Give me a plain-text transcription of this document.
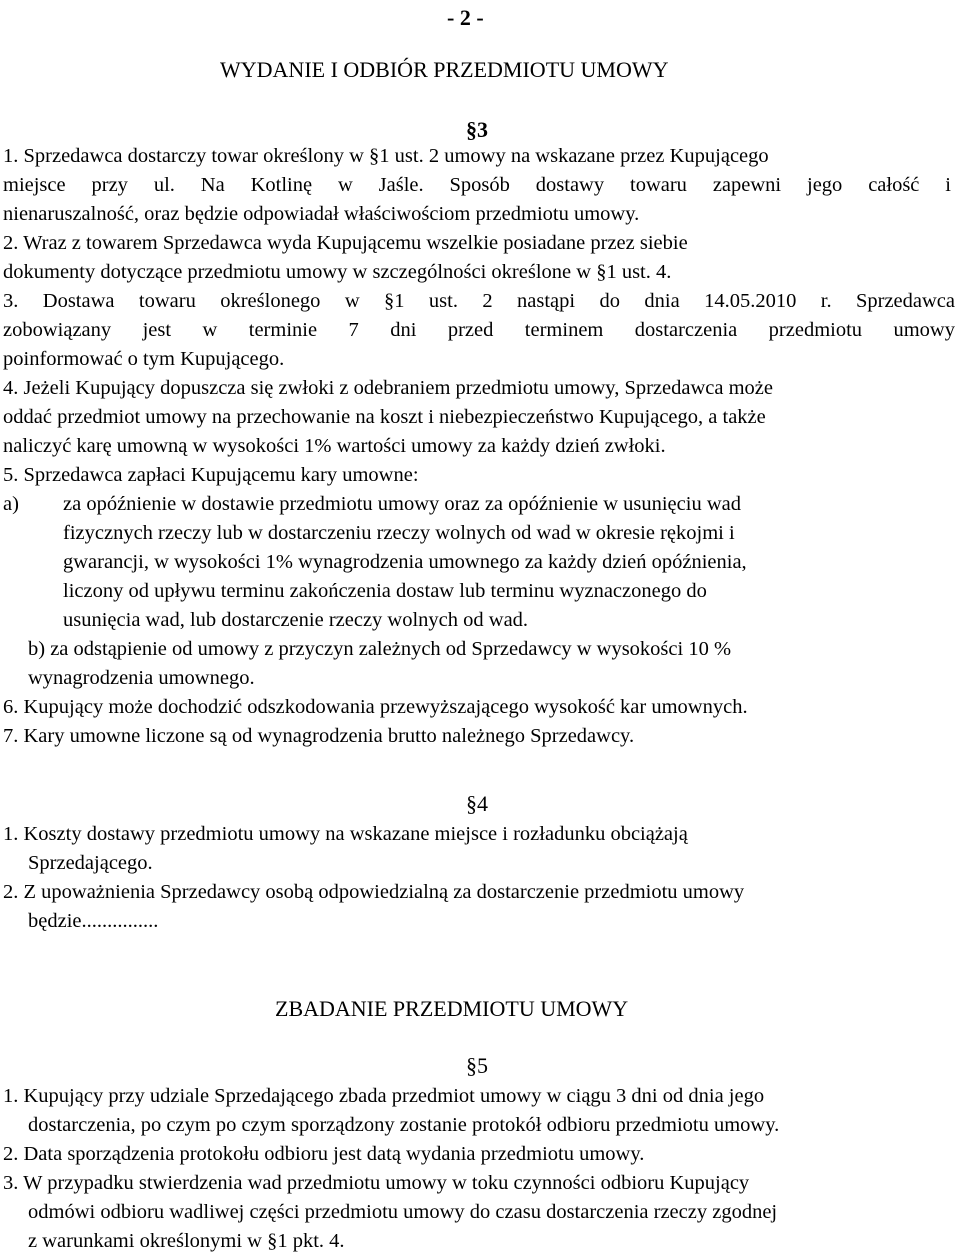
- 2 -
WYDANIE I ODBIÓR PRZEDMIOTU UMOWY
§3
1. Sprzedawca dostarczy towar określony w §1 ust. 2 umowy na wskazane przez Kupującego
miejsce przy ul. Na Kotlinę w Jaśle. Sposób dostawy towaru zapewni jego całość i
nienaruszalność, oraz będzie odpowiadał właściwościom przedmiotu umowy.
2. Wraz z towarem Sprzedawca wyda Kupującemu wszelkie posiadane przez siebie
dokumenty dotyczące przedmiotu umowy w szczególności określone w §1 ust. 4.
3. Dostawa towaru określonego w §1 ust. 2 nastąpi do dnia 14.05.2010 r. Sprzedawca
zobowiązany jest w terminie 7 dni przed terminem dostarczenia przedmiotu umowy
poinformować o tym Kupującego.
4. Jeżeli Kupujący dopuszcza się zwłoki z odebraniem przedmiotu umowy, Sprzedawca może
oddać przedmiot umowy na przechowanie na koszt i niebezpieczeństwo Kupującego, a także
naliczyć karę umowną w wysokości 1% wartości umowy za każdy dzień zwłoki.
5. Sprzedawca zapłaci Kupującemu kary umowne:
a) za opóźnienie w dostawie przedmiotu umowy oraz za opóźnienie w usunięciu wad
fizycznych rzeczy lub w dostarczeniu rzeczy wolnych od wad w okresie rękojmi i
gwarancji, w wysokości 1% wynagrodzenia umownego za każdy dzień opóźnienia,
liczony od upływu terminu zakończenia dostaw lub terminu wyznaczonego do
usunięcia wad, lub dostarczenie rzeczy wolnych od wad.
b) za odstąpienie od umowy z przyczyn zależnych od Sprzedawcy w wysokości 10 %
wynagrodzenia umownego.
6. Kupujący może dochodzić odszkodowania przewyższającego wysokość kar umownych.
7. Kary umowne liczone są od wynagrodzenia brutto należnego Sprzedawcy.
§4
1. Koszty dostawy przedmiotu umowy na wskazane miejsce i rozładunku obciążają
Sprzedającego.
2. Z upoważnienia Sprzedawcy osobą odpowiedzialną za dostarczenie przedmiotu umowy
będzie...............
ZBADANIE PRZEDMIOTU UMOWY
§5
1. Kupujący przy udziale Sprzedającego zbada przedmiot umowy w ciągu 3 dni od dnia jego
dostarczenia, po czym po czym sporządzony zostanie protokół odbioru przedmiotu umowy.
2. Data sporządzenia protokołu odbioru jest datą wydania przedmiotu umowy.
3. W przypadku stwierdzenia wad przedmiotu umowy w toku czynności odbioru Kupujący
odmówi odbioru wadliwej części przedmiotu umowy do czasu dostarczenia rzeczy zgodnej
z warunkami określonymi w §1 pkt. 4.
